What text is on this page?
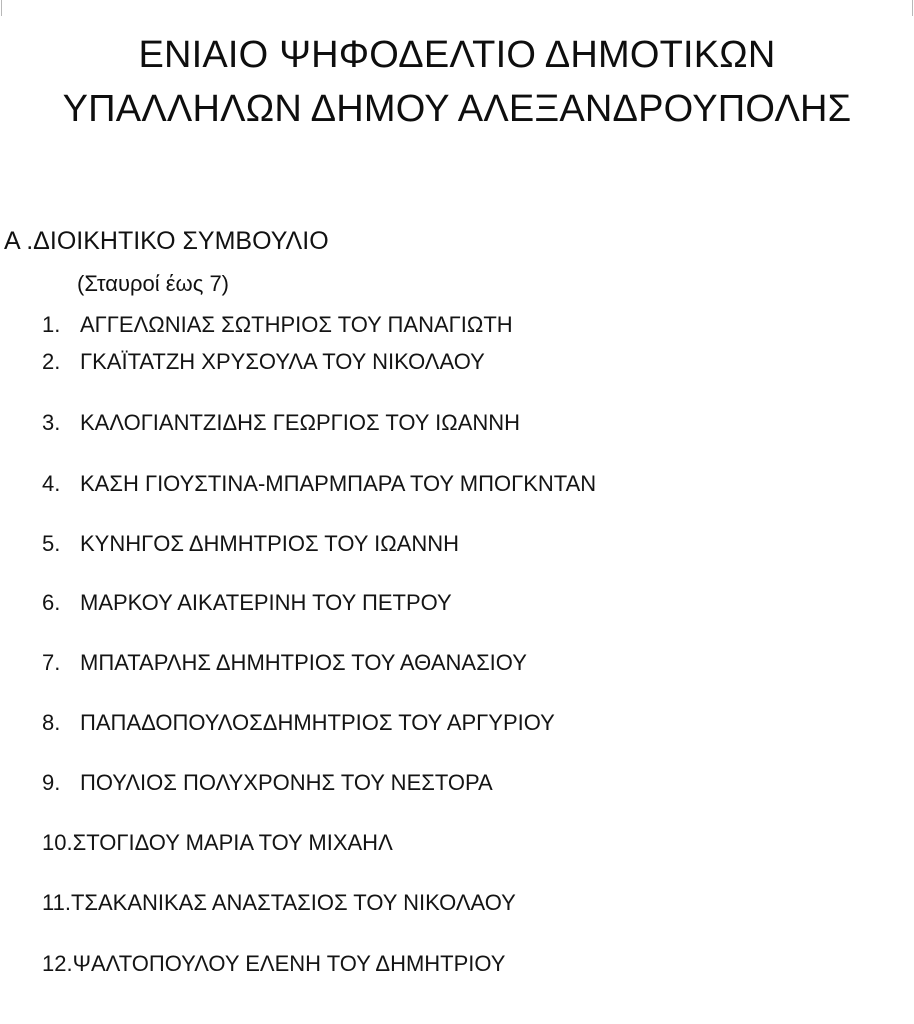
ΕΝΙΑΙΟ ΨΗΦΟΔΕΛΤΙΟ ΔΗΜΟΤΙΚΩΝ
ΥΠΑΛΛΗΛΩΝ ΔΗΜΟΥ ΑΛΕΞΑΝΔΡΟΥΠΟΛΗΣ
Α .ΔΙΟΙΚΗΤΙΚΟ ΣΥΜΒΟΥΛΙΟ
(Σταυροί έως 7)
1. ΑΓΓΕΛΩΝΙΑΣ ΣΩΤΗΡΙΟΣ ΤΟΥ ΠΑΝΑΓΙΩΤΗ
2. ΓΚΑΪΤΑΤΖΗ ΧΡΥΣΟΥΛΑ ΤΟΥ ΝΙΚΟΛΑΟΥ
3. ΚΑΛΟΓΙΑΝΤΖΙΔΗΣ ΓΕΩΡΓΙΟΣ ΤΟΥ ΙΩΑΝΝΗ
4. ΚΑΣΗ ΓΙΟΥΣΤΙΝΑ-ΜΠΑΡΜΠΑΡΑ ΤΟΥ ΜΠΟΓΚΝΤΑΝ
5. ΚΥΝΗΓΟΣ ΔΗΜΗΤΡΙΟΣ ΤΟΥ ΙΩΑΝΝΗ
6. ΜΑΡΚΟΥ ΑΙΚΑΤΕΡΙΝΗ ΤΟΥ ΠΕΤΡΟΥ
7. ΜΠΑΤΑΡΛΗΣ ΔΗΜΗΤΡΙΟΣ ΤΟΥ ΑΘΑΝΑΣΙΟΥ
8. ΠΑΠΑΔΟΠΟΥΛΟΣΔΗΜΗΤΡΙΟΣ ΤΟΥ ΑΡΓΥΡΙΟΥ
9. ΠΟΥΛΙΟΣ ΠΟΛΥΧΡΟΝΗΣ ΤΟΥ ΝΕΣΤΟΡΑ
10.ΣΤΟΓΙΔΟΥ ΜΑΡΙΑ ΤΟΥ ΜΙΧΑΗΛ
11.ΤΣΑΚΑΝΙΚΑΣ ΑΝΑΣΤΑΣΙΟΣ ΤΟΥ ΝΙΚΟΛΑΟΥ
12.ΨΑΛΤΟΠΟΥΛΟΥ ΕΛΕΝΗ ΤΟΥ ΔΗΜΗΤΡΙΟΥ
